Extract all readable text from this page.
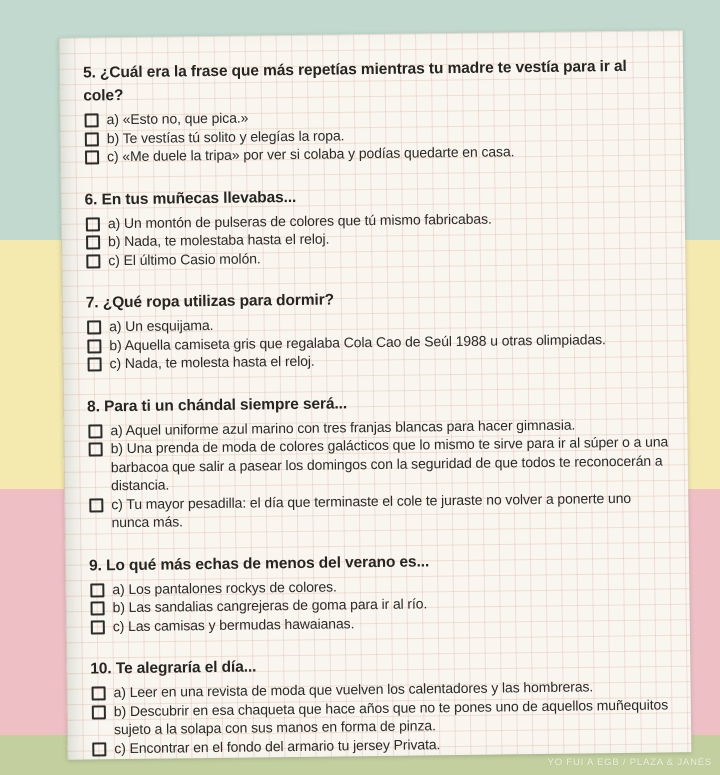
5. ¿Cuál era la frase que más repetías mientras tu madre te vestía para ir al cole?
a) «Esto no, que pica.»
b) Te vestías tú solito y elegías la ropa.
c) «Me duele la tripa» por ver si colaba y podías quedarte en casa.
6. En tus muñecas llevabas...
a) Un montón de pulseras de colores que tú mismo fabricabas.
b) Nada, te molestaba hasta el reloj.
c) El último Casio molón.
7. ¿Qué ropa utilizas para dormir?
a) Un esquijama.
b) Aquella camiseta gris que regalaba Cola Cao de Seúl 1988 u otras olimpiadas.
c) Nada, te molesta hasta el reloj.
8. Para ti un chándal siempre será...
a) Aquel uniforme azul marino con tres franjas blancas para hacer gimnasia.
b) Una prenda de moda de colores galácticos que lo mismo te sirve para ir al súper o a una barbacoa que salir a pasear los domingos con la seguridad de que todos te reconocerán a distancia.
c) Tu mayor pesadilla: el día que terminaste el cole te juraste no volver a ponerte uno nunca más.
9. Lo qué más echas de menos del verano es...
a) Los pantalones rockys de colores.
b) Las sandalias cangrejeras de goma para ir al río.
c) Las camisas y bermudas hawaianas.
10. Te alegraría el día...
a) Leer en una revista de moda que vuelven los calentadores y las hombreras.
b) Descubrir en esa chaqueta que hace años que no te pones uno de aquellos muñequitos sujeto a la solapa con sus manos en forma de pinza.
c) Encontrar en el fondo del armario tu jersey Privata.
YO FUI A EGB / PLAZA & JANÉS
